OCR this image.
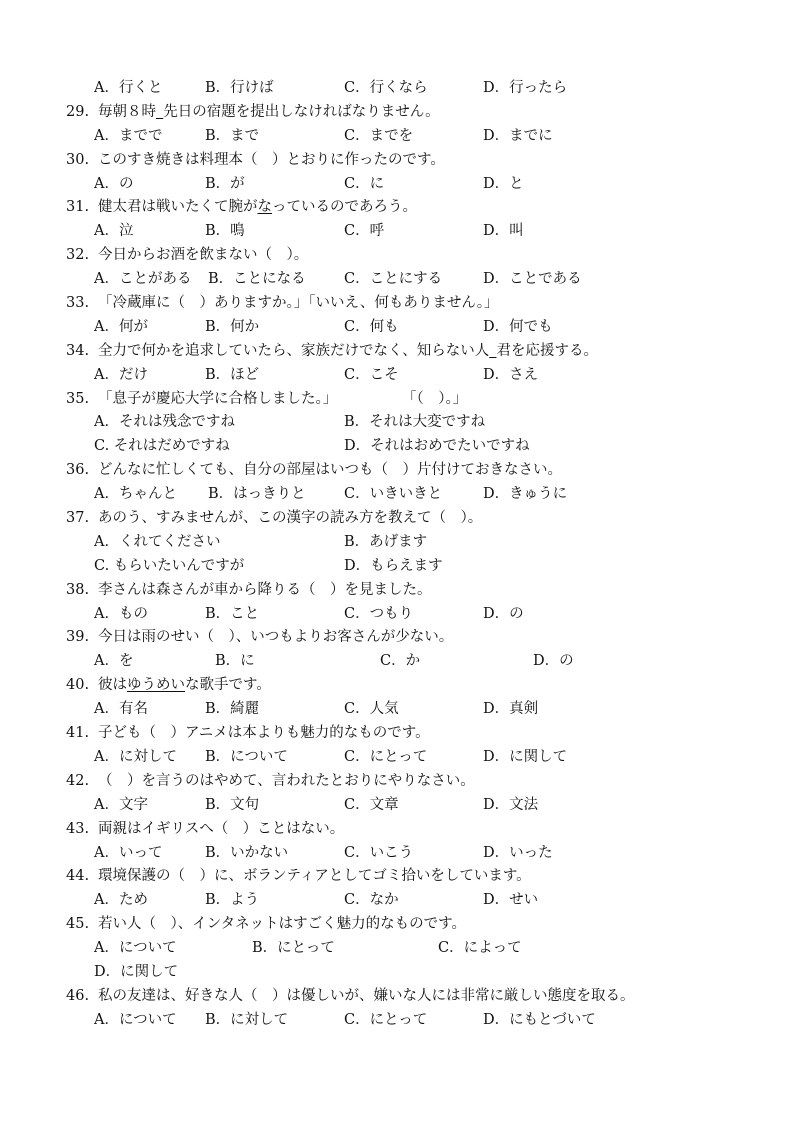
A．行くと	B．行けば	C．行くなら	D．行ったら
29. 毎朝８時  先日の宿題を提出しなければなりません。
A．までで	B．まで	C．までを	D．までに
30. このすき焼きは料理本（　）とおりに作ったのです。
A．の	B．が	C．に	D．と
31. 健太君は戦いたくて腕がなっているのであろう。
A．泣	B．鳴	C．呼	D．叫
32. 今日からお酒を飲まない（　）。
A．ことがある B．ことになる	C．ことにする	D．ことである
33. 「冷蔵庫に（　）ありますか。」「いいえ、何もありません。」
A．何が	B．何か	C．何も	D．何でも
34. 全力で何かを追求していたら、家族だけでなく、知らない人  君を応援する。
A．だけ	B．ほど	C．こそ	D．さえ
35. 「息子が慶応大学に合格しました。」	「（　）。」
A．それは残念ですね	B．それは大変ですね
C. それはだめですね	D．それはおめでたいですね
36. どんなに忙しくても、自分の部屋はいつも（　）片付けておきなさい。
A．ちゃんと B．はっきりと	C．いきいきと	D．きゅうに
37. あのう、すみませんが、この漢字の読み方を教えて（　）。
A．くれてください	B．あげます
C. もらいたいんですが	D．もらえます
38. 李さんは森さんが車から降りる（　）を見ました。
A．もの	B．こと	C．つもり	D．の
39. 今日は雨のせい（　）、いつもよりお客さんが少ない。
A．を	B．に	C．か	D．の
40. 彼はゆうめいな歌手です。
A．有名	B．綺麗	C．人気	D．真剣
41. 子ども（　）アニメは本よりも魅力的なものです。
A．に対して B．について	C．にとって	D．に関して
42. （　）を言うのはやめて、言われたとおりにやりなさい。
A．文字	B．文句	C．文章	D．文法
43. 両親はイギリスへ（　）ことはない。
A．いって	B．いかない	C．いこう	D．いった
44. 環境保護の（　）に、ボランティアとしてゴミ拾いをしています。
A．ため	B．よう	C．なか	D．せい
45. 若い人（　）、インタネットはすごく魅力的なものです。
A．について	B．にとって	C．によって
D．に関して
46. 私の友達は、好きな人（　）は優しいが、嫌いな人には非常に厳しい態度を取る。
A．について B．に対して	C．にとって	D．にもとづいて
